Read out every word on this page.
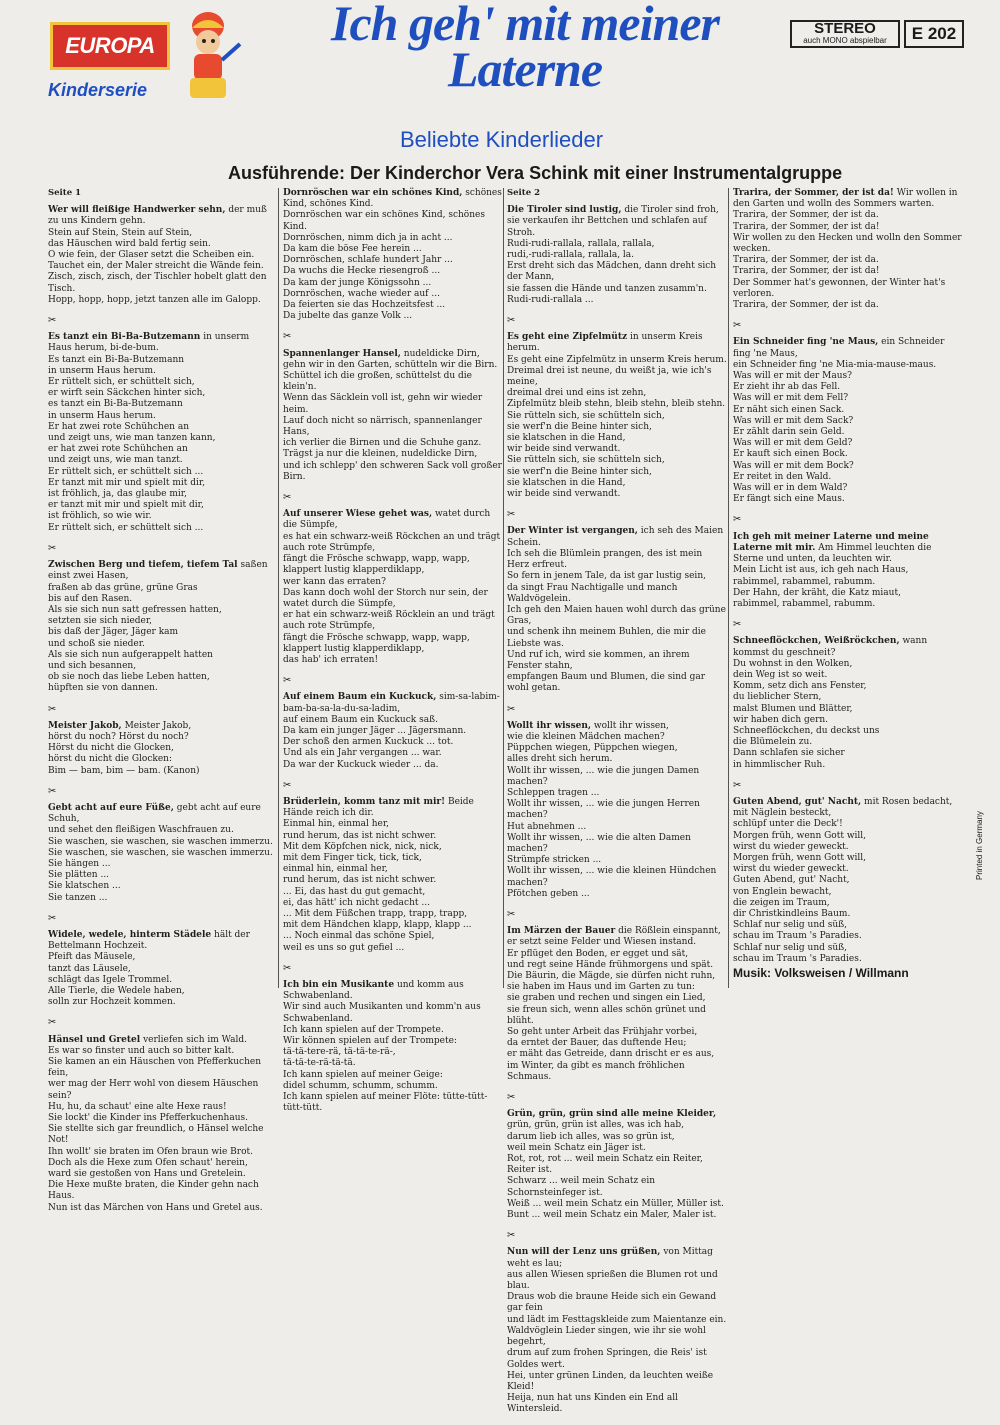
EUROPA
Kinderserie
Ich geh' mit meiner Laterne
Beliebte Kinderlieder
STEREO
auch MONO abspielbar	E 202
Ausführende: Der Kinderchor Vera Schink mit einer Instrumentalgruppe
Seite 1
Wer will fleißige Handwerker sehn, der muß zu uns Kindern gehn.
Stein auf Stein, Stein auf Stein,
das Häuschen wird bald fertig sein.
O wie fein, der Glaser setzt die Scheiben ein.
Tauchet ein, der Maler streicht die Wände fein.
Zisch, zisch, zisch, der Tischler hobelt glatt den Tisch.
Hopp, hopp, hopp, jetzt tanzen alle im Galopp.
✂
Es tanzt ein Bi-Ba-Butzemann in unserm Haus herum, bi-de-bum.
Es tanzt ein Bi-Ba-Butzemann
in unserm Haus herum.
Er rüttelt sich, er schüttelt sich,
er wirft sein Säckchen hinter sich,
es tanzt ein Bi-Ba-Butzemann
in unserm Haus herum.
Er hat zwei rote Schühchen an
und zeigt uns, wie man tanzen kann,
er hat zwei rote Schühchen an
und zeigt uns, wie man tanzt.
Er rüttelt sich, er schüttelt sich ...
Er tanzt mit mir und spielt mit dir,
ist fröhlich, ja, das glaube mir,
er tanzt mit mir und spielt mit dir,
ist fröhlich, so wie wir.
Er rüttelt sich, er schüttelt sich ...
✂
Zwischen Berg und tiefem, tiefem Tal saßen einst zwei Hasen,
fraßen ab das grüne, grüne Gras
bis auf den Rasen.
Als sie sich nun satt gefressen hatten,
setzten sie sich nieder,
bis daß der Jäger, Jäger kam
und schoß sie nieder.
Als sie sich nun aufgerappelt hatten
und sich besannen,
ob sie noch das liebe Leben hatten,
hüpften sie von dannen.
✂
Meister Jakob, Meister Jakob,
hörst du noch? Hörst du noch?
Hörst du nicht die Glocken,
hörst du nicht die Glocken:
Bim — bam, bim — bam. (Kanon)
✂
Gebt acht auf eure Füße, gebt acht auf eure Schuh,
und sehet den fleißigen Waschfrauen zu.
Sie waschen, sie waschen, sie waschen immerzu.
Sie waschen, sie waschen, sie waschen immerzu.
Sie hängen ...
Sie plätten ...
Sie klatschen ...
Sie tanzen ...
✂
Widele, wedele, hinterm Städele hält der Bettelmann Hochzeit.
Pfeift das Mäusele,
tanzt das Läusele,
schlägt das Igele Trommel.
Alle Tierle, die Wedele haben,
solln zur Hochzeit kommen.
✂
Hänsel und Gretel verliefen sich im Wald.
Es war so finster und auch so bitter kalt.
Sie kamen an ein Häuschen von Pfefferkuchen fein,
wer mag der Herr wohl von diesem Häuschen sein?
Hu, hu, da schaut' eine alte Hexe raus!
Sie lockt' die Kinder ins Pfefferkuchenhaus.
Sie stellte sich gar freundlich, o Hänsel welche Not!
Ihn wollt' sie braten im Ofen braun wie Brot.
Doch als die Hexe zum Ofen schaut' herein,
ward sie gestoßen von Hans und Gretelein.
Die Hexe mußte braten, die Kinder gehn nach Haus.
Nun ist das Märchen von Hans und Gretel aus.
Dornröschen war ein schönes Kind, schönes Kind, schönes Kind.
Dornröschen war ein schönes Kind, schönes Kind.
Dornröschen, nimm dich ja in acht ...
Da kam die böse Fee herein ...
Dornröschen, schlafe hundert Jahr ...
Da wuchs die Hecke riesengroß ...
Da kam der junge Königssohn ...
Dornröschen, wache wieder auf ...
Da feierten sie das Hochzeitsfest ...
Da jubelte das ganze Volk ...
✂
Spannenlanger Hansel, nudeldicke Dirn,
gehn wir in den Garten, schütteln wir die Birn.
Schüttel ich die großen, schüttelst du die klein'n.
Wenn das Säcklein voll ist, gehn wir wieder heim.
Lauf doch nicht so närrisch, spannenlanger Hans,
ich verlier die Birnen und die Schuhe ganz.
Trägst ja nur die kleinen, nudeldicke Dirn,
und ich schlepp' den schweren Sack voll großer Birn.
✂
Auf unserer Wiese gehet was, watet durch die Sümpfe,
es hat ein schwarz-weiß Röckchen an und trägt auch rote Strümpfe,
fängt die Frösche schwapp, wapp, wapp,
klappert lustig klapperdiklapp,
wer kann das erraten?
Das kann doch wohl der Storch nur sein, der watet durch die Sümpfe,
er hat ein schwarz-weiß Röcklein an und trägt auch rote Strümpfe,
fängt die Frösche schwapp, wapp, wapp,
klappert lustig klapperdiklapp,
das hab' ich erraten!
✂
Auf einem Baum ein Kuckuck, sim-sa-labim-bam-ba-sa-la-du-sa-ladim,
auf einem Baum ein Kuckuck saß.
Da kam ein junger Jäger ... Jägersmann.
Der schoß den armen Kuckuck ... tot.
Und als ein Jahr vergangen ... war.
Da war der Kuckuck wieder ... da.
✂
Brüderlein, komm tanz mit mir! Beide Hände reich ich dir.
Einmal hin, einmal her,
rund herum, das ist nicht schwer.
Mit dem Köpfchen nick, nick, nick,
mit dem Finger tick, tick, tick,
einmal hin, einmal her,
rund herum, das ist nicht schwer.
... Ei, das hast du gut gemacht,
ei, das hätt' ich nicht gedacht ...
... Mit dem Füßchen trapp, trapp, trapp,
mit dem Händchen klapp, klapp, klapp ...
... Noch einmal das schöne Spiel,
weil es uns so gut gefiel ...
✂
Ich bin ein Musikante und komm aus Schwabenland.
Wir sind auch Musikanten und komm'n aus Schwabenland.
Ich kann spielen auf der Trompete.
Wir können spielen auf der Trompete:
tä-tä-tere-rä, tä-tä-te-rä-,
tä-tä-te-rä-tä-tä.
Ich kann spielen auf meiner Geige:
didel schumm, schumm, schumm.
Ich kann spielen auf meiner Flöte: tütte-tütt-tütt-tütt.
Seite 2
Die Tiroler sind lustig, die Tiroler sind froh,
sie verkaufen ihr Bettchen und schlafen auf Stroh.
Rudi-rudi-rallala, rallala, rallala,
rudi,-rudi-rallala, rallala, la.
Erst dreht sich das Mädchen, dann dreht sich der Mann,
sie fassen die Hände und tanzen zusamm'n.
Rudi-rudi-rallala ...
✂
Es geht eine Zipfelmütz in unserm Kreis herum.
Es geht eine Zipfelmütz in unserm Kreis herum.
Dreimal drei ist neune, du weißt ja, wie ich's meine,
dreimal drei und eins ist zehn,
Zipfelmütz bleib stehn, bleib stehn, bleib stehn.
Sie rütteln sich, sie schütteln sich,
sie werf'n die Beine hinter sich,
sie klatschen in die Hand,
wir beide sind verwandt.
Sie rütteln sich, sie schütteln sich,
sie werf'n die Beine hinter sich,
sie klatschen in die Hand,
wir beide sind verwandt.
✂
Der Winter ist vergangen, ich seh des Maien Schein.
Ich seh die Blümlein prangen, des ist mein Herz erfreut.
So fern in jenem Tale, da ist gar lustig sein,
da singt Frau Nachtigalle und manch Waldvögelein.
Ich geh den Maien hauen wohl durch das grüne Gras,
und schenk ihn meinem Buhlen, die mir die Liebste was.
Und ruf ich, wird sie kommen, an ihrem Fenster stahn,
empfangen Baum und Blumen, die sind gar wohl getan.
✂
Wollt ihr wissen, wollt ihr wissen,
wie die kleinen Mädchen machen?
Püppchen wiegen, Püppchen wiegen,
alles dreht sich herum.
Wollt ihr wissen, ... wie die jungen Damen machen?
Schleppen tragen ...
Wollt ihr wissen, ... wie die jungen Herren machen?
Hut abnehmen ...
Wollt ihr wissen, ... wie die alten Damen machen?
Strümpfe stricken ...
Wollt ihr wissen, ... wie die kleinen Hündchen machen?
Pfötchen geben ...
✂
Im Märzen der Bauer die Rößlein einspannt,
er setzt seine Felder und Wiesen instand.
Er pflüget den Boden, er egget und sät,
und regt seine Hände frühmorgens und spät.
Die Bäurin, die Mägde, sie dürfen nicht ruhn,
sie haben im Haus und im Garten zu tun:
sie graben und rechen und singen ein Lied,
sie freun sich, wenn alles schön grünet und blüht.
So geht unter Arbeit das Frühjahr vorbei,
da erntet der Bauer, das duftende Heu;
er mäht das Getreide, dann drischt er es aus,
im Winter, da gibt es manch fröhlichen Schmaus.
✂
Grün, grün, grün sind alle meine Kleider, grün, grün, grün ist alles, was ich hab,
darum lieb ich alles, was so grün ist,
weil mein Schatz ein Jäger ist.
Rot, rot, rot ... weil mein Schatz ein Reiter, Reiter ist.
Schwarz ... weil mein Schatz ein Schornsteinfeger ist.
Weiß ... weil mein Schatz ein Müller, Müller ist.
Bunt ... weil mein Schatz ein Maler, Maler ist.
✂
Nun will der Lenz uns grüßen, von Mittag weht es lau;
aus allen Wiesen sprießen die Blumen rot und blau.
Draus wob die braune Heide sich ein Gewand gar fein
und lädt im Festtagskleide zum Maientanze ein.
Waldvöglein Lieder singen, wie ihr sie wohl begehrt,
drum auf zum frohen Springen, die Reis' ist Goldes wert.
Hei, unter grünen Linden, da leuchten weiße Kleid!
Heija, nun hat uns Kinden ein End all Wintersleid.
Trarira, der Sommer, der ist da! Wir wollen in den Garten und wolln des Sommers warten.
Trarira, der Sommer, der ist da.
Trarira, der Sommer, der ist da!
Wir wollen zu den Hecken und wolln den Sommer wecken.
Trarira, der Sommer, der ist da.
Trarira, der Sommer, der ist da!
Der Sommer hat's gewonnen, der Winter hat's verloren.
Trarira, der Sommer, der ist da.
✂
Ein Schneider fing 'ne Maus, ein Schneider fing 'ne Maus,
ein Schneider fing 'ne Mia-mia-mause-maus.
Was will er mit der Maus?
Er zieht ihr ab das Fell.
Was will er mit dem Fell?
Er näht sich einen Sack.
Was will er mit dem Sack?
Er zählt darin sein Geld.
Was will er mit dem Geld?
Er kauft sich einen Bock.
Was will er mit dem Bock?
Er reitet in den Wald.
Was will er in dem Wald?
Er fängt sich eine Maus.
✂
Ich geh mit meiner Laterne und meine Laterne mit mir. Am Himmel leuchten die Sterne und unten, da leuchten wir.
Mein Licht ist aus, ich geh nach Haus,
rabimmel, rabammel, rabumm.
Der Hahn, der kräht, die Katz miaut,
rabimmel, rabammel, rabumm.
✂
Schneeflöckchen, Weißröckchen, wann kommst du geschneit?
Du wohnst in den Wolken,
dein Weg ist so weit.
Komm, setz dich ans Fenster,
du lieblicher Stern,
malst Blumen und Blätter,
wir haben dich gern.
Schneeflöckchen, du deckst uns
die Blümelein zu.
Dann schlafen sie sicher
in himmlischer Ruh.
✂
Guten Abend, gut' Nacht, mit Rosen bedacht,
mit Näglein besteckt,
schlüpf unter die Deck'!
Morgen früh, wenn Gott will,
wirst du wieder geweckt.
Morgen früh, wenn Gott will,
wirst du wieder geweckt.
Guten Abend, gut' Nacht,
von Englein bewacht,
die zeigen im Traum,
dir Christkindleins Baum.
Schlaf nur selig und süß,
schau im Traum 's Paradies.
Schlaf nur selig und süß,
schau im Traum 's Paradies.
Musik: Volksweisen / Willmann
Printed in Germany
